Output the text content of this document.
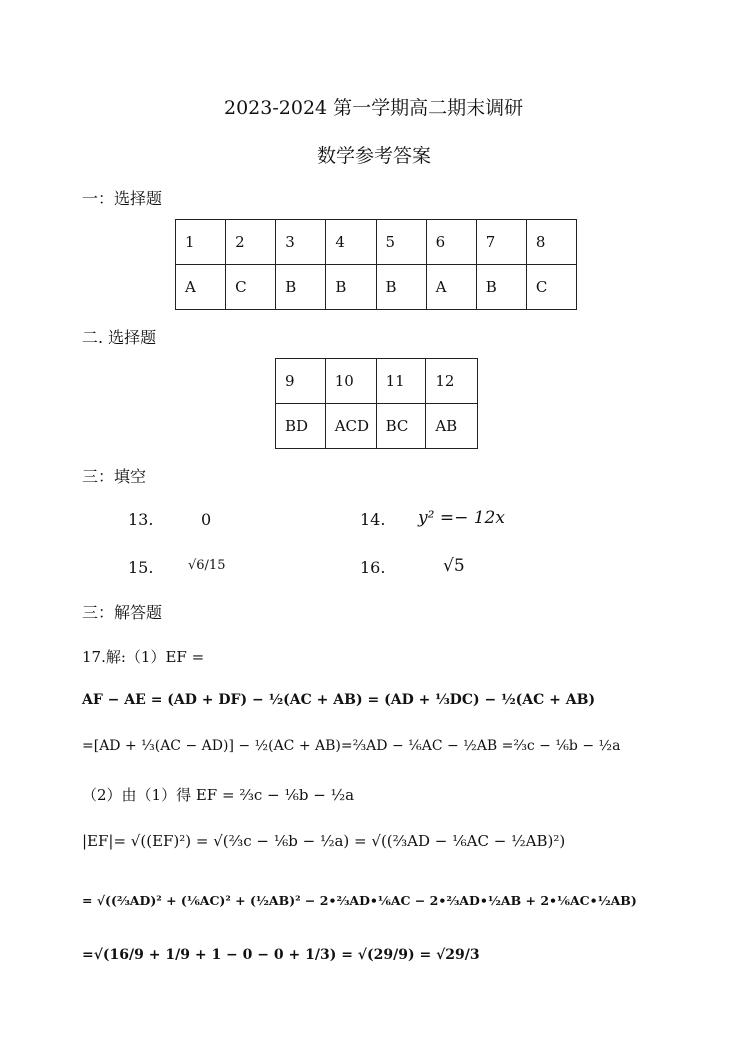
2023-2024 第一学期高二期末调研
数学参考答案
一：选择题
1	2	3	4	5	6	7	8
A	C	B	B	B	A	B	C
二. 选择题
9	10	11	12
BD	ACD	BC	AB
三：填空
13.	0	14. y² =− 12x
15.	√6/15	16.	√5
三：解答题
17.解:（1）EF =
AF − AE = (AD + DF) − ½(AC + AB) = (AD + ⅓DC) − ½(AC + AB)
=[AD + ⅓(AC − AD)] − ½(AC + AB)=⅔AD − ⅙AC − ½AB =⅔c − ⅙b − ½a
（2）由（1）得 EF = ⅔c − ⅙b − ½a
|EF|= √((EF)²) = √(⅔c − ⅙b − ½a) = √((⅔AD − ⅙AC − ½AB)²)
= √((⅔AD)² + (⅙AC)² + (½AB)² − 2•⅔AD•⅙AC − 2•⅔AD•½AB + 2•⅙AC•½AB)
=√(16/9 + 1/9 + 1 − 0 − 0 + 1/3) = √(29/9) = √29/3
